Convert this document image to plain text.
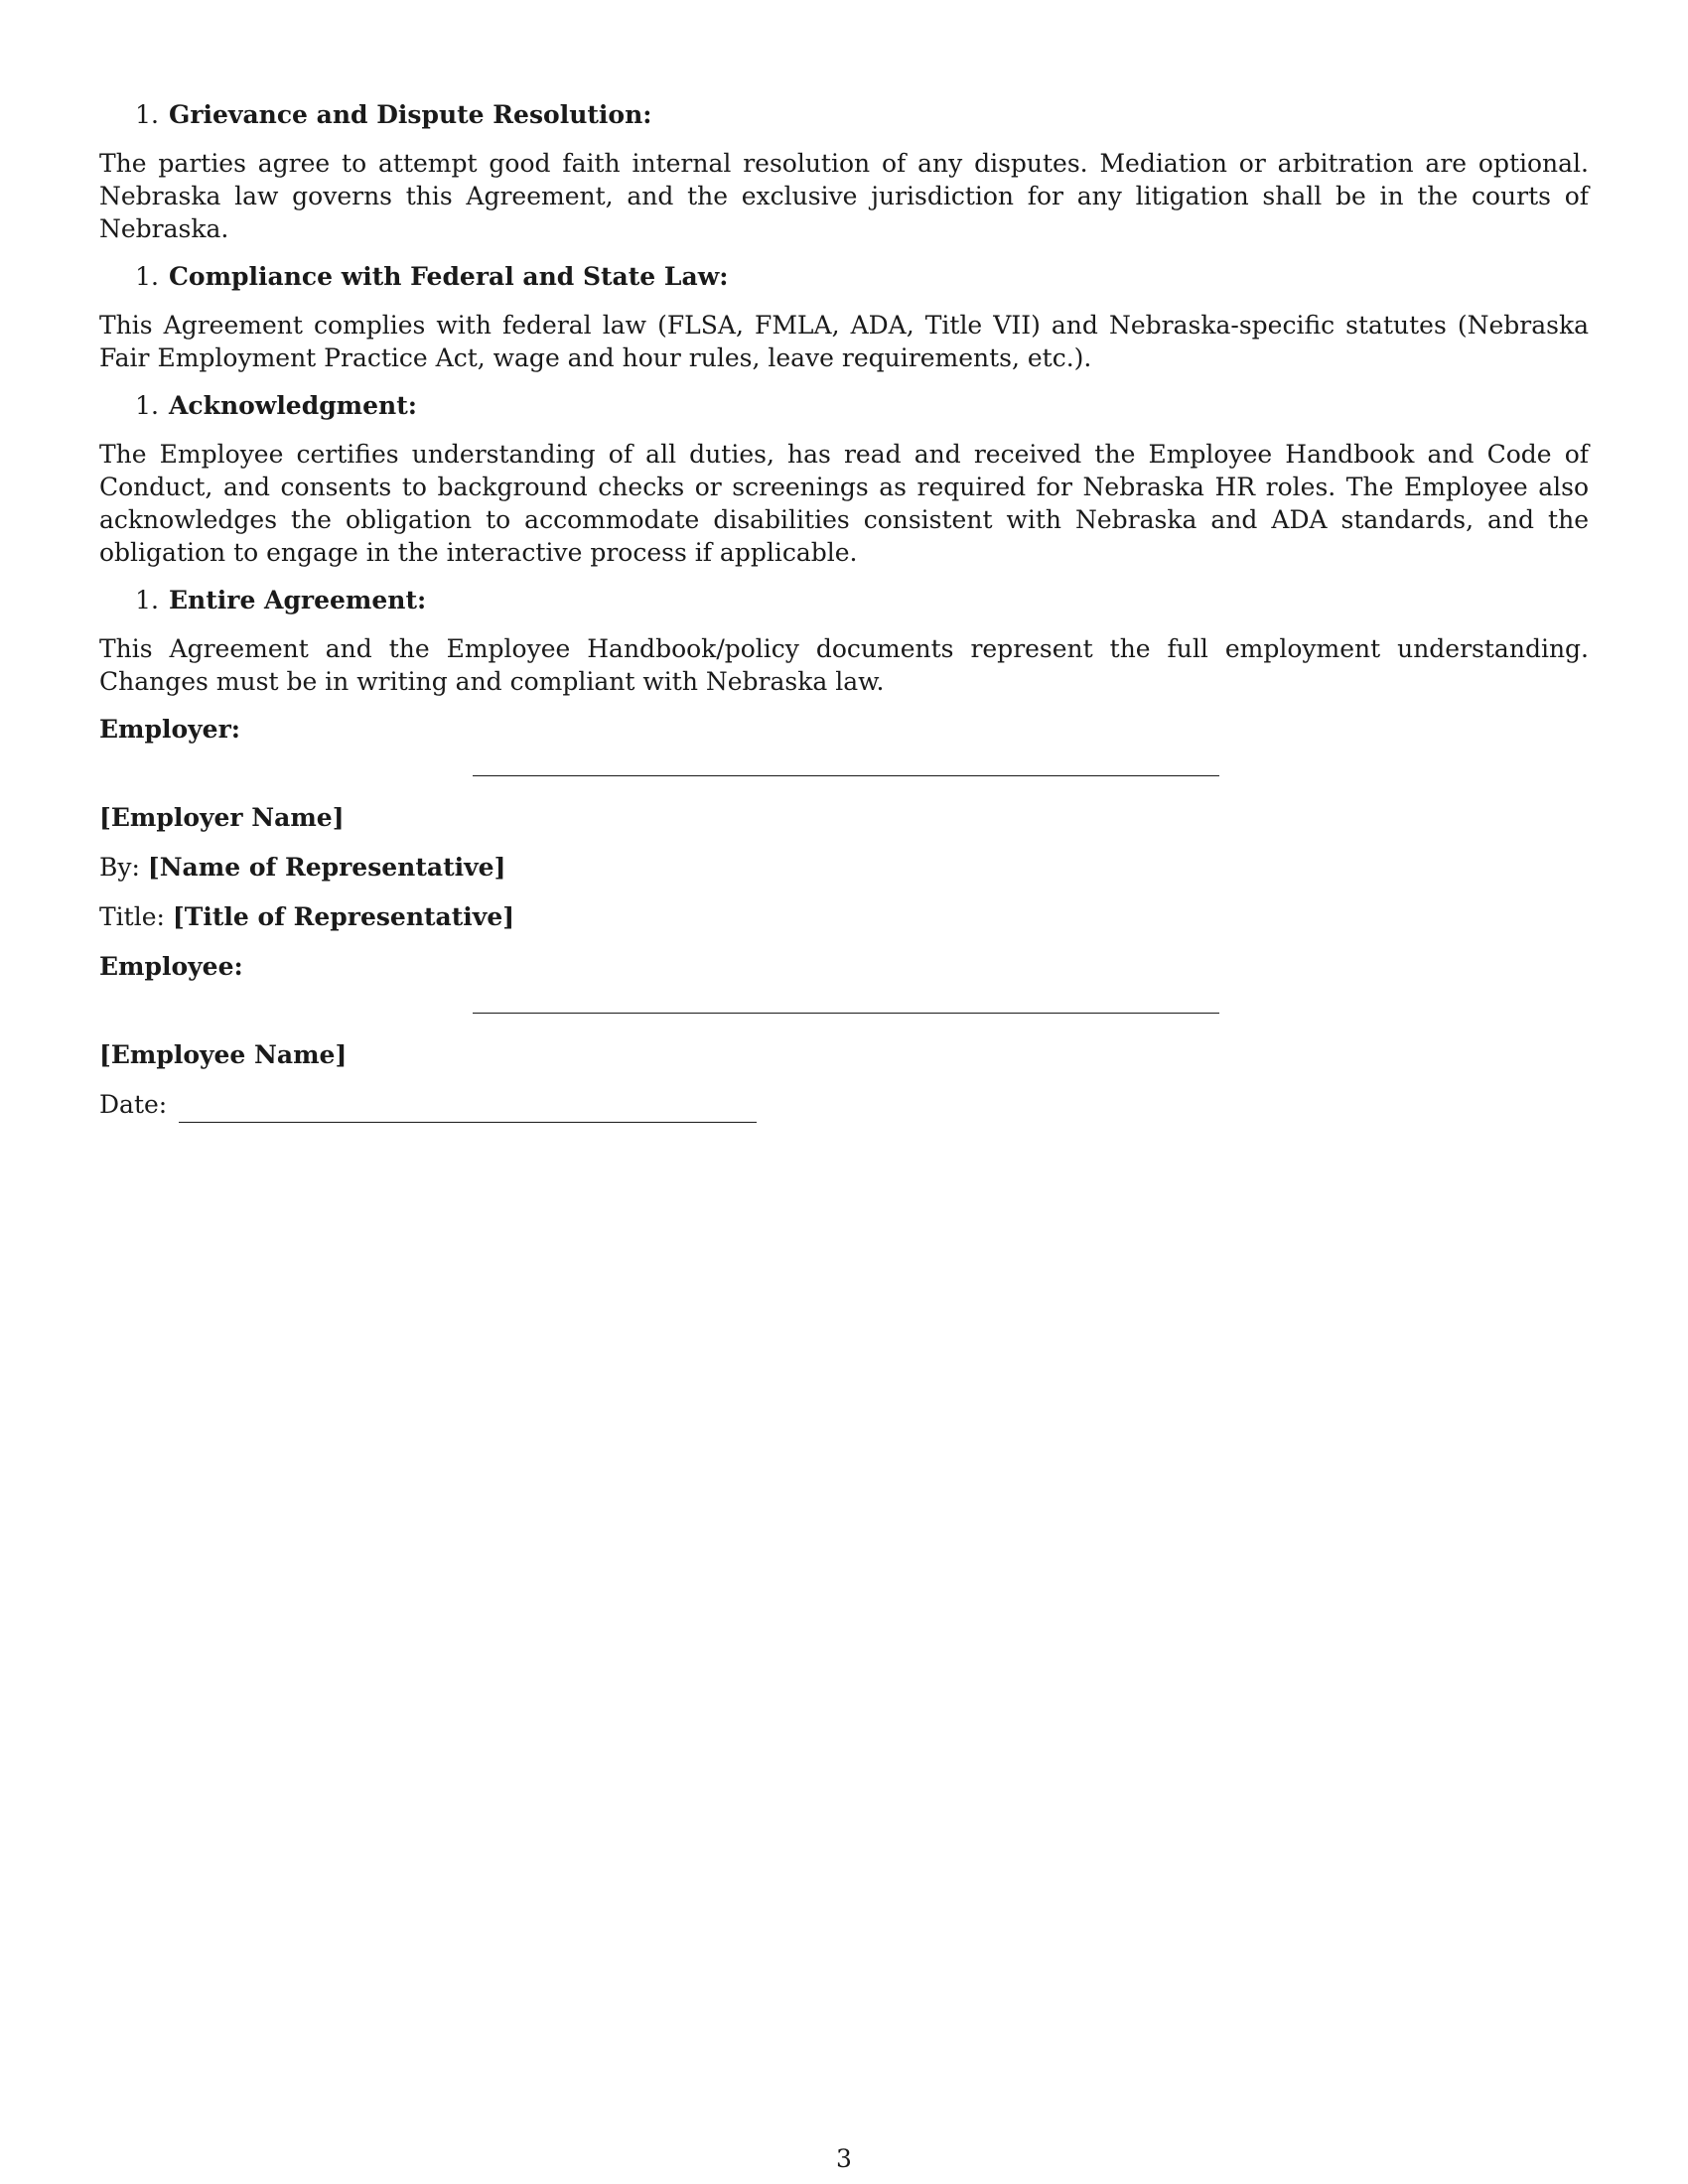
1. Grievance and Dispute Resolution:

The parties agree to attempt good faith internal resolution of any disputes. Mediation or arbitration are optional. Nebraska law governs this Agreement, and the exclusive jurisdiction for any litigation shall be in the courts of Nebraska.

1. Compliance with Federal and State Law:

This Agreement complies with federal law (FLSA, FMLA, ADA, Title VII) and Nebraska-specific statutes (Nebraska Fair Employment Practice Act, wage and hour rules, leave requirements, etc.).

1. Acknowledgment:

The Employee certifies understanding of all duties, has read and received the Employee Handbook and Code of Conduct, and consents to background checks or screenings as required for Nebraska HR roles. The Employee also acknowledges the obligation to accommodate disabilities consistent with Nebraska and ADA standards, and the obligation to engage in the interactive process if applicable.

1. Entire Agreement:

This Agreement and the Employee Handbook/policy documents represent the full employment understanding. Changes must be in writing and compliant with Nebraska law.

Employer:
[Employer Name]
By: [Name of Representative]
Title: [Title of Representative]
Employee:
[Employee Name]
Date:
3
